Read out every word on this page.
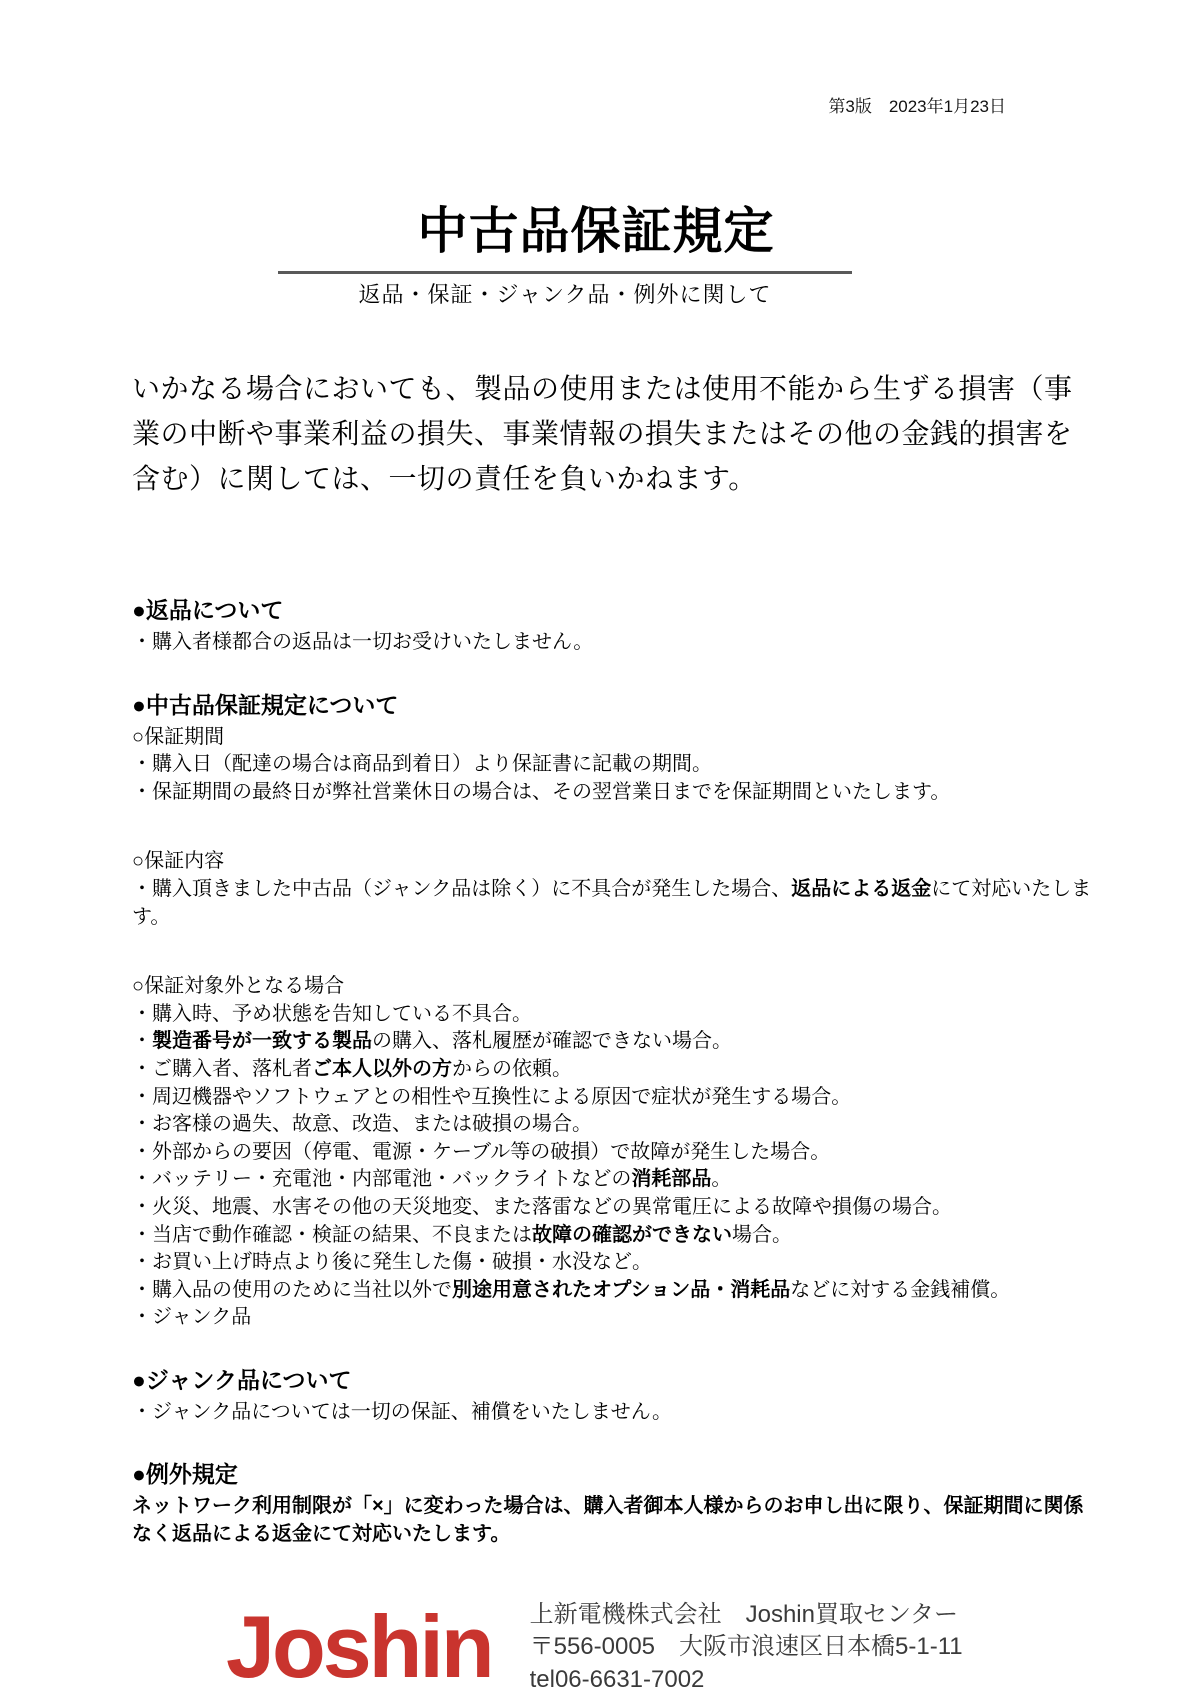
第3版　2023年1月23日
中古品保証規定
返品・保証・ジャンク品・例外に関して

いかなる場合においても、製品の使用または使用不能から生ずる損害（事業の中断や事業利益の損失、事業情報の損失またはその他の金銭的損害を含む）に関しては、一切の責任を負いかねます。

●返品について

・購入者様都合の返品は一切お受けいたしません。

●中古品保証規定について

○保証期間

・購入日（配達の場合は商品到着日）より保証書に記載の期間。

・保証期間の最終日が弊社営業休日の場合は、その翌営業日までを保証期間といたします。

○保証内容

・購入頂きました中古品（ジャンク品は除く）に不具合が発生した場合、返品による返金にて対応いたします。

○保証対象外となる場合

・購入時、予め状態を告知している不具合。

・製造番号が一致する製品の購入、落札履歴が確認できない場合。

・ご購入者、落札者ご本人以外の方からの依頼。

・周辺機器やソフトウェアとの相性や互換性による原因で症状が発生する場合。

・お客様の過失、故意、改造、または破損の場合。

・外部からの要因（停電、電源・ケーブル等の破損）で故障が発生した場合。

・バッテリー・充電池・内部電池・バックライトなどの消耗部品。

・火災、地震、水害その他の天災地変、また落雷などの異常電圧による故障や損傷の場合。

・当店で動作確認・検証の結果、不良または故障の確認ができない場合。

・お買い上げ時点より後に発生した傷・破損・水没など。

・購入品の使用のために当社以外で別途用意されたオプション品・消耗品などに対する金銭補償。

・ジャンク品

●ジャンク品について

・ジャンク品については一切の保証、補償をいたしません。

●例外規定

ネットワーク利用制限が「×」に変わった場合は、購入者御本人様からのお申し出に限り、保証期間に関係なく返品による返金にて対応いたします。

Joshin 上新電機株式会社　Joshin買取センター

〒556-0005　大阪市浪速区日本橋5-1-11

tel06-6631-7002
